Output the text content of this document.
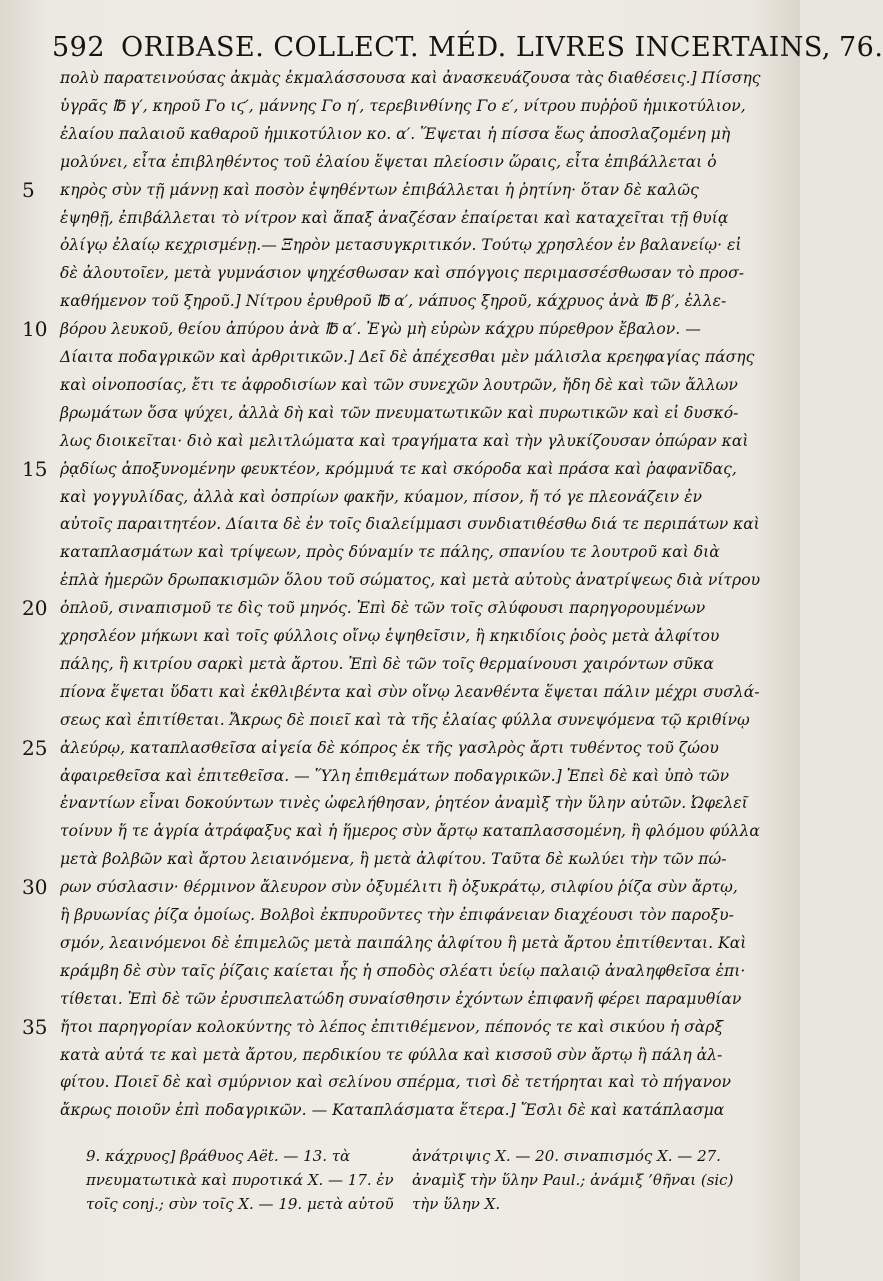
592 ORIBASE. COLLECT. MÉD. LIVRES INCERTAINS, 76.
πολὺ παρατεινούσας ἀκμὰς ἐκμαλάσσουσα καὶ ἀνασκευάζουσα τὰς διαθέσεις.] Πίσσης
ὑγρᾶς ℔ γ′, κηροῦ Γο ιϛ′, μάννης Γο η′, τερεβινθίνης Γο ε′, νίτρου πυῤῥοῦ ἡμικοτύλιον,
ἐλαίου παλαιοῦ καθαροῦ ἡμικοτύλιον κο. α′. Ἕψεται ἡ πίσσα ἕως ἀποσλαζομένη μὴ
μολύνει, εἶτα ἐπιβληθέντος τοῦ ἐλαίου ἕψεται πλείοσιν ὥραις, εἶτα ἐπιβάλλεται ὁ
5	κηρὸς σὺν τῇ μάννῃ καὶ ποσὸν ἑψηθέντων ἐπιβάλλεται ἡ ῥητίνη· ὅταν δὲ καλῶς
ἑψηθῇ, ἐπιβάλλεται τὸ νίτρον καὶ ἅπαξ ἀναζέσαν ἐπαίρεται καὶ καταχεῖται τῇ θυίᾳ
ὀλίγῳ ἐλαίῳ κεχρισμένῃ.— Ξηρὸν μετασυγκριτικόν. Τούτῳ χρησλέον ἐν βαλανείῳ· εἰ
δὲ ἀλουτοῖεν, μετὰ γυμνάσιον ψηχέσθωσαν καὶ σπόγγοις περιμασσέσθωσαν τὸ προσ-
καθήμενον τοῦ ξηροῦ.] Νίτρου ἐρυθροῦ ℔ α′, νάπυος ξηροῦ, κάχρυος ἀνὰ ℔ β′, ἐλλε-
10 βόρου λευκοῦ, θείου ἀπύρου ἀνὰ ℔ α′. Ἐγὼ μὴ εὑρὼν κάχρυ πύρεθρον ἔβαλον. —
Δίαιτα ποδαγρικῶν καὶ ἀρθριτικῶν.] Δεῖ δὲ ἀπέχεσθαι μὲν μάλισλα κρεηφαγίας πάσης
καὶ οἰνοποσίας, ἔτι τε ἀφροδισίων καὶ τῶν συνεχῶν λουτρῶν, ἤδη δὲ καὶ τῶν ἄλλων
βρωμάτων ὅσα ψύχει, ἀλλὰ δὴ καὶ τῶν πνευματωτικῶν καὶ πυρωτικῶν καὶ εἰ δυσκό-
λως διοικεῖται· διὸ καὶ μελιτλώματα καὶ τραγήματα καὶ τὴν γλυκίζουσαν ὀπώραν καὶ
15 ῥᾳδίως ἀποξυνομένην φευκτέον, κρόμμυά τε καὶ σκόροδα καὶ πράσα καὶ ῥαφανῖδας,
καὶ γογγυλίδας, ἀλλὰ καὶ ὀσπρίων φακῆν, κύαμον, πίσον, ἤ τό γε πλεονάζειν ἐν
αὐτοῖς παραιτητέον. Δίαιτα δὲ ἐν τοῖς διαλείμμασι συνδιατιθέσθω διά τε περιπάτων καὶ
καταπλασμάτων καὶ τρίψεων, πρὸς δύναμίν τε πάλης, σπανίου τε λουτροῦ καὶ διὰ
ἑπλὰ ἡμερῶν δρωπακισμῶν ὅλου τοῦ σώματος, καὶ μετὰ αὐτοὺς ἀνατρίψεως διὰ νίτρου
20 ὀπλοῦ, σιναπισμοῦ τε δὶς τοῦ μηνός. Ἐπὶ δὲ τῶν τοῖς σλύφουσι παρηγορουμένων
χρησλέον μήκωνι καὶ τοῖς φύλλοις οἴνῳ ἑψηθεῖσιν, ἢ κηκιδίοις ῥοὸς μετὰ ἀλφίτου
πάλης, ἢ κιτρίου σαρκὶ μετὰ ἄρτου. Ἐπὶ δὲ τῶν τοῖς θερμαίνουσι χαιρόντων σῦκα
πίονα ἕψεται ὕδατι καὶ ἐκθλιβέντα καὶ σὺν οἴνῳ λεανθέντα ἕψεται πάλιν μέχρι συσλά-
σεως καὶ ἐπιτίθεται. Ἄκρως δὲ ποιεῖ καὶ τὰ τῆς ἐλαίας φύλλα συνεψόμενα τῷ κριθίνῳ
25 ἀλεύρῳ, καταπλασθεῖσα αἰγεία δὲ κόπρος ἐκ τῆς γασλρὸς ἄρτι τυθέντος τοῦ ζώου
ἀφαιρεθεῖσα καὶ ἐπιτεθεῖσα. — Ὕλη ἐπιθεμάτων ποδαγρικῶν.] Ἐπεὶ δὲ καὶ ὑπὸ τῶν
ἐναντίων εἶναι δοκούντων τινὲς ὠφελήθησαν, ῥητέον ἀναμὶξ τὴν ὕλην αὐτῶν. Ὠφελεῖ
τοίνυν ἥ τε ἀγρία ἀτράφαξυς καὶ ἡ ἥμερος σὺν ἄρτῳ καταπλασσομένη, ἢ φλόμου φύλλα
μετὰ βολβῶν καὶ ἄρτου λειαινόμενα, ἢ μετὰ ἀλφίτου. Ταῦτα δὲ κωλύει τὴν τῶν πώ-
30 ρων σύσλασιν· θέρμινον ἄλευρον σὺν ὀξυμέλιτι ἢ ὀξυκράτῳ, σιλφίου ῥίζα σὺν ἄρτῳ,
ἢ βρυωνίας ῥίζα ὁμοίως. Βολβοὶ ἐκπυροῦντες τὴν ἐπιφάνειαν διαχέουσι τὸν παροξυ-
σμόν, λεαινόμενοι δὲ ἐπιμελῶς μετὰ παιπάλης ἀλφίτου ἢ μετὰ ἄρτου ἐπιτίθενται. Καὶ
κράμβη δὲ σὺν ταῖς ῥίζαις καίεται ἧς ἡ σποδὸς σλέατι ὑείῳ παλαιῷ ἀναληφθεῖσα ἐπι·
τίθεται. Ἐπὶ δὲ τῶν ἐρυσιπελατώδη συναίσθησιν ἐχόντων ἐπιφανῆ φέρει παραμυθίαν
35 ἤτοι παρηγορίαν κολοκύντης τὸ λέπος ἐπιτιθέμενον, πέπονός τε καὶ σικύου ἡ σὰρξ
κατὰ αὐτά τε καὶ μετὰ ἄρτου, περδικίου τε φύλλα καὶ κισσοῦ σὺν ἄρτῳ ἢ πάλη ἀλ-
φίτου. Ποιεῖ δὲ καὶ σμύρνιον καὶ σελίνου σπέρμα, τισὶ δὲ τετήρηται καὶ τὸ πήγανον
ἄκρως ποιοῦν ἐπὶ ποδαγρικῶν. — Καταπλάσματα ἕτερα.] Ἔσλι δὲ καὶ κατάπλασμα
9. κάχρυος] βράθυος Aët. — 13. τὰ
πνευματωτικὰ καὶ πυροτικά X. — 17. ἐν
τοῖς conj.; σὺν τοῖς X. — 19. μετὰ αὐτοῦ
ἀνάτριψις X. — 20. σιναπισμός X. — 27.
ἀναμὶξ τὴν ὕλην Paul.; ἀνάμιξ ’θῆναι (sic)
τὴν ὕλην X.
